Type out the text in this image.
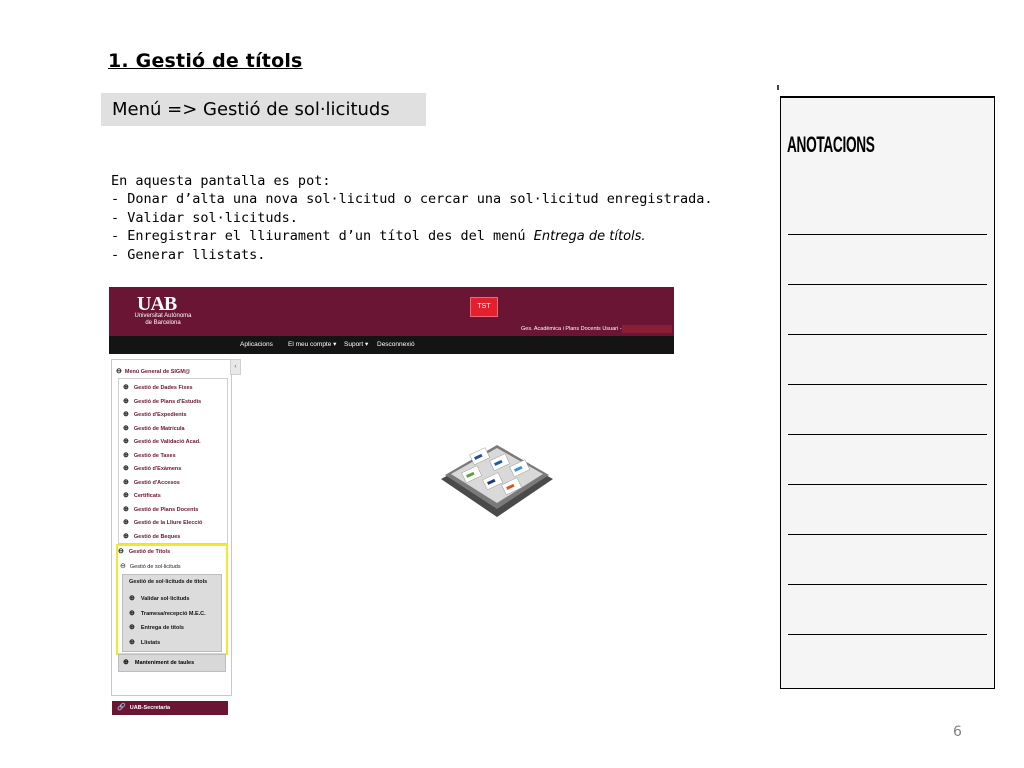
1. Gestió de títols
Menú => Gestió de sol·licituds
En aquesta pantalla es pot:
- Donar d’alta una nova sol·licitud o cercar una sol·licitud enregistrada.
- Validar sol·licituds.
- Enregistrar el lliurament d’un títol des del menú Entrega de títols.
- Generar llistats.
UAB
Universitat Autònoma
de Barcelona
TST
Ges. Acadèmica i Plans Docents Usuari -
Aplicacions El meu compte ▾ Suport ▾ Desconnexió
⊖ Menú General de SIGM@
⊕ Gestió de Dades Fixes
⊕ Gestió de Plans d'Estudis
⊕ Gestió d'Expedients
⊕ Gestió de Matrícula
⊕ Gestió de Validació Acad.
⊕ Gestió de Taxes
⊕ Gestió d'Exàmens
⊕ Gestió d'Accesos
⊕ Certificats
⊕ Gestió de Plans Docents
⊕ Gestió de la Lliure Elecció
⊕ Gestió de Beques
⊖ Gestió de Títols
⊖ Gestió de sol·licituds
Gestió de sol·licituds de títols
⊕ Validar sol·licituds
⊕ Tramesa/recepció M.E.C.
⊕ Entrega de títols
⊕ Llistats
⊕ Manteniment de taules
‹
🔗 UAB-Secretaria
ANOTACIONS
6
